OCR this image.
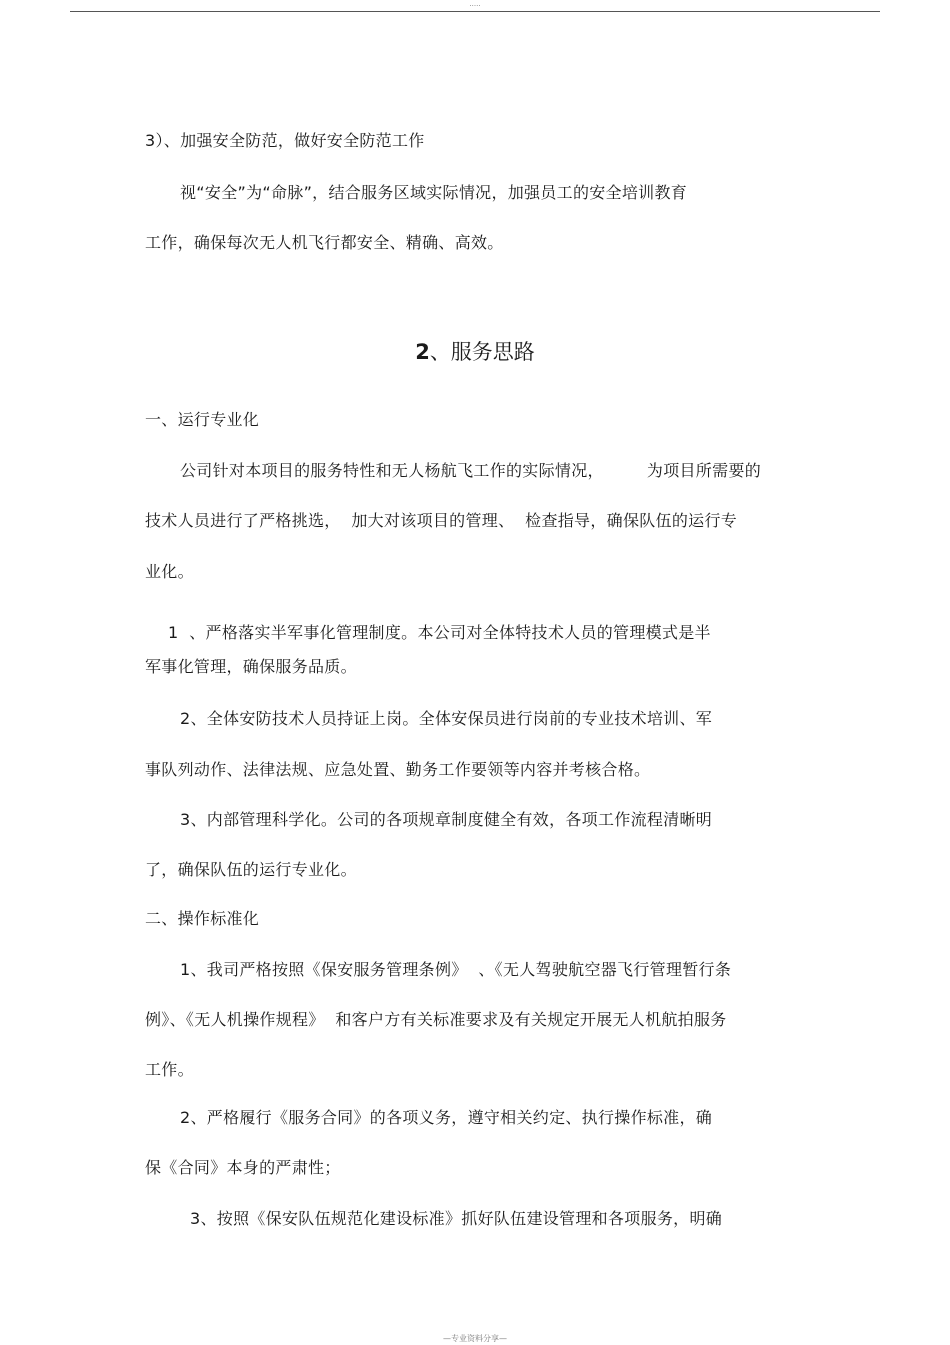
.....
3）、加强安全防范，做好安全防范工作
视“安全”为“命脉”，结合服务区域实际情况，加强员工的安全培训教育
工作，确保每次无人机飞行都安全、精确、高效。
2、服务思路
一、运行专业化
公司针对本项目的服务特性和无人杨航飞工作的实际情况，        为项目所需要的
技术人员进行了严格挑选，  加大对该项目的管理、  检查指导，确保队伍的运行专
业化。
1  、严格落实半军事化管理制度。本公司对全体特技术人员的管理模式是半
军事化管理，确保服务品质。
2、全体安防技术人员持证上岗。全体安保员进行岗前的专业技术培训、军
事队列动作、法律法规、应急处置、勤务工作要领等内容并考核合格。
3、内部管理科学化。公司的各项规章制度健全有效，各项工作流程清晰明
了，确保队伍的运行专业化。
二、操作标准化
1、我司严格按照《保安服务管理条例》  、《无人驾驶航空器飞行管理暂行条
例》、《无人机操作规程》  和客户方有关标准要求及有关规定开展无人机航拍服务
工作。
2、严格履行《服务合同》的各项义务，遵守相关约定、执行操作标准，确
保《合同》本身的严肃性；
3、按照《保安队伍规范化建设标准》抓好队伍建设管理和各项服务，明确
—专业资料分享—
